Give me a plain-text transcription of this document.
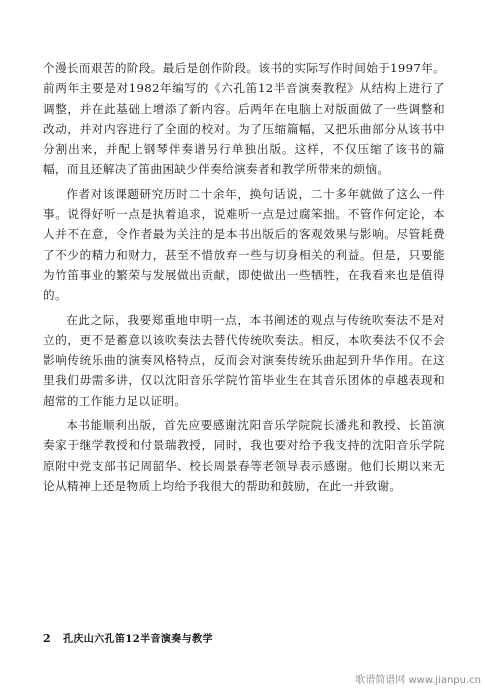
个漫长而艰苦的阶段。最后是创作阶段。该书的实际写作时间始于1997年。前两年主要是对1982年编写的《六孔笛12半音演奏教程》从结构上进行了调整，并在此基础上增添了新内容。后两年在电脑上对版面做了一些调整和改动，并对内容进行了全面的校对。为了压缩篇幅，又把乐曲部分从该书中分割出来，并配上钢琴伴奏谱另行单独出版。这样，不仅压缩了该书的篇幅，而且还解决了笛曲困缺少伴奏给演奏者和教学所带来的烦恼。

作者对该课题研究历时二十余年，换句话说，二十多年就做了这么一件事。说得好听一点是执着追求，说难听一点是过腐笨拙。不管作何定论，本人并不在意，令作者最为关注的是本书出版后的客观效果与影响。尽管耗费了不少的精力和财力，甚至不惜放弃一些与切身相关的利益。但是，只要能为竹笛事业的繁荣与发展做出贡献，即使做出一些牺牲，在我看来也是值得的。

在此之际，我要郑重地申明一点，本书阐述的观点与传统吹奏法不是对立的，更不是蓄意以该吹奏法去替代传统吹奏法。相反，本吹奏法不仅不会影响传统乐曲的演奏风格特点，反而会对演奏传统乐曲起到升华作用。在这里我们毋需多讲，仅以沈阳音乐学院竹笛毕业生在其音乐团体的卓越表现和超常的工作能力足以证明。

本书能顺利出版，首先应要感谢沈阳音乐学院院长潘兆和教授、长笛演奏家于继学教授和付景瑞教授，同时，我也要对给予我支持的沈阳音乐学院原附中党支部书记周韶华、校长周景春等老领导表示感谢。他们长期以来无论从精神上还是物质上均给予我很大的帮助和鼓励，在此一并致谢。

2 孔庆山六孔笛12半音演奏与教学
歌谱简谱网 www.jianpu.cn
